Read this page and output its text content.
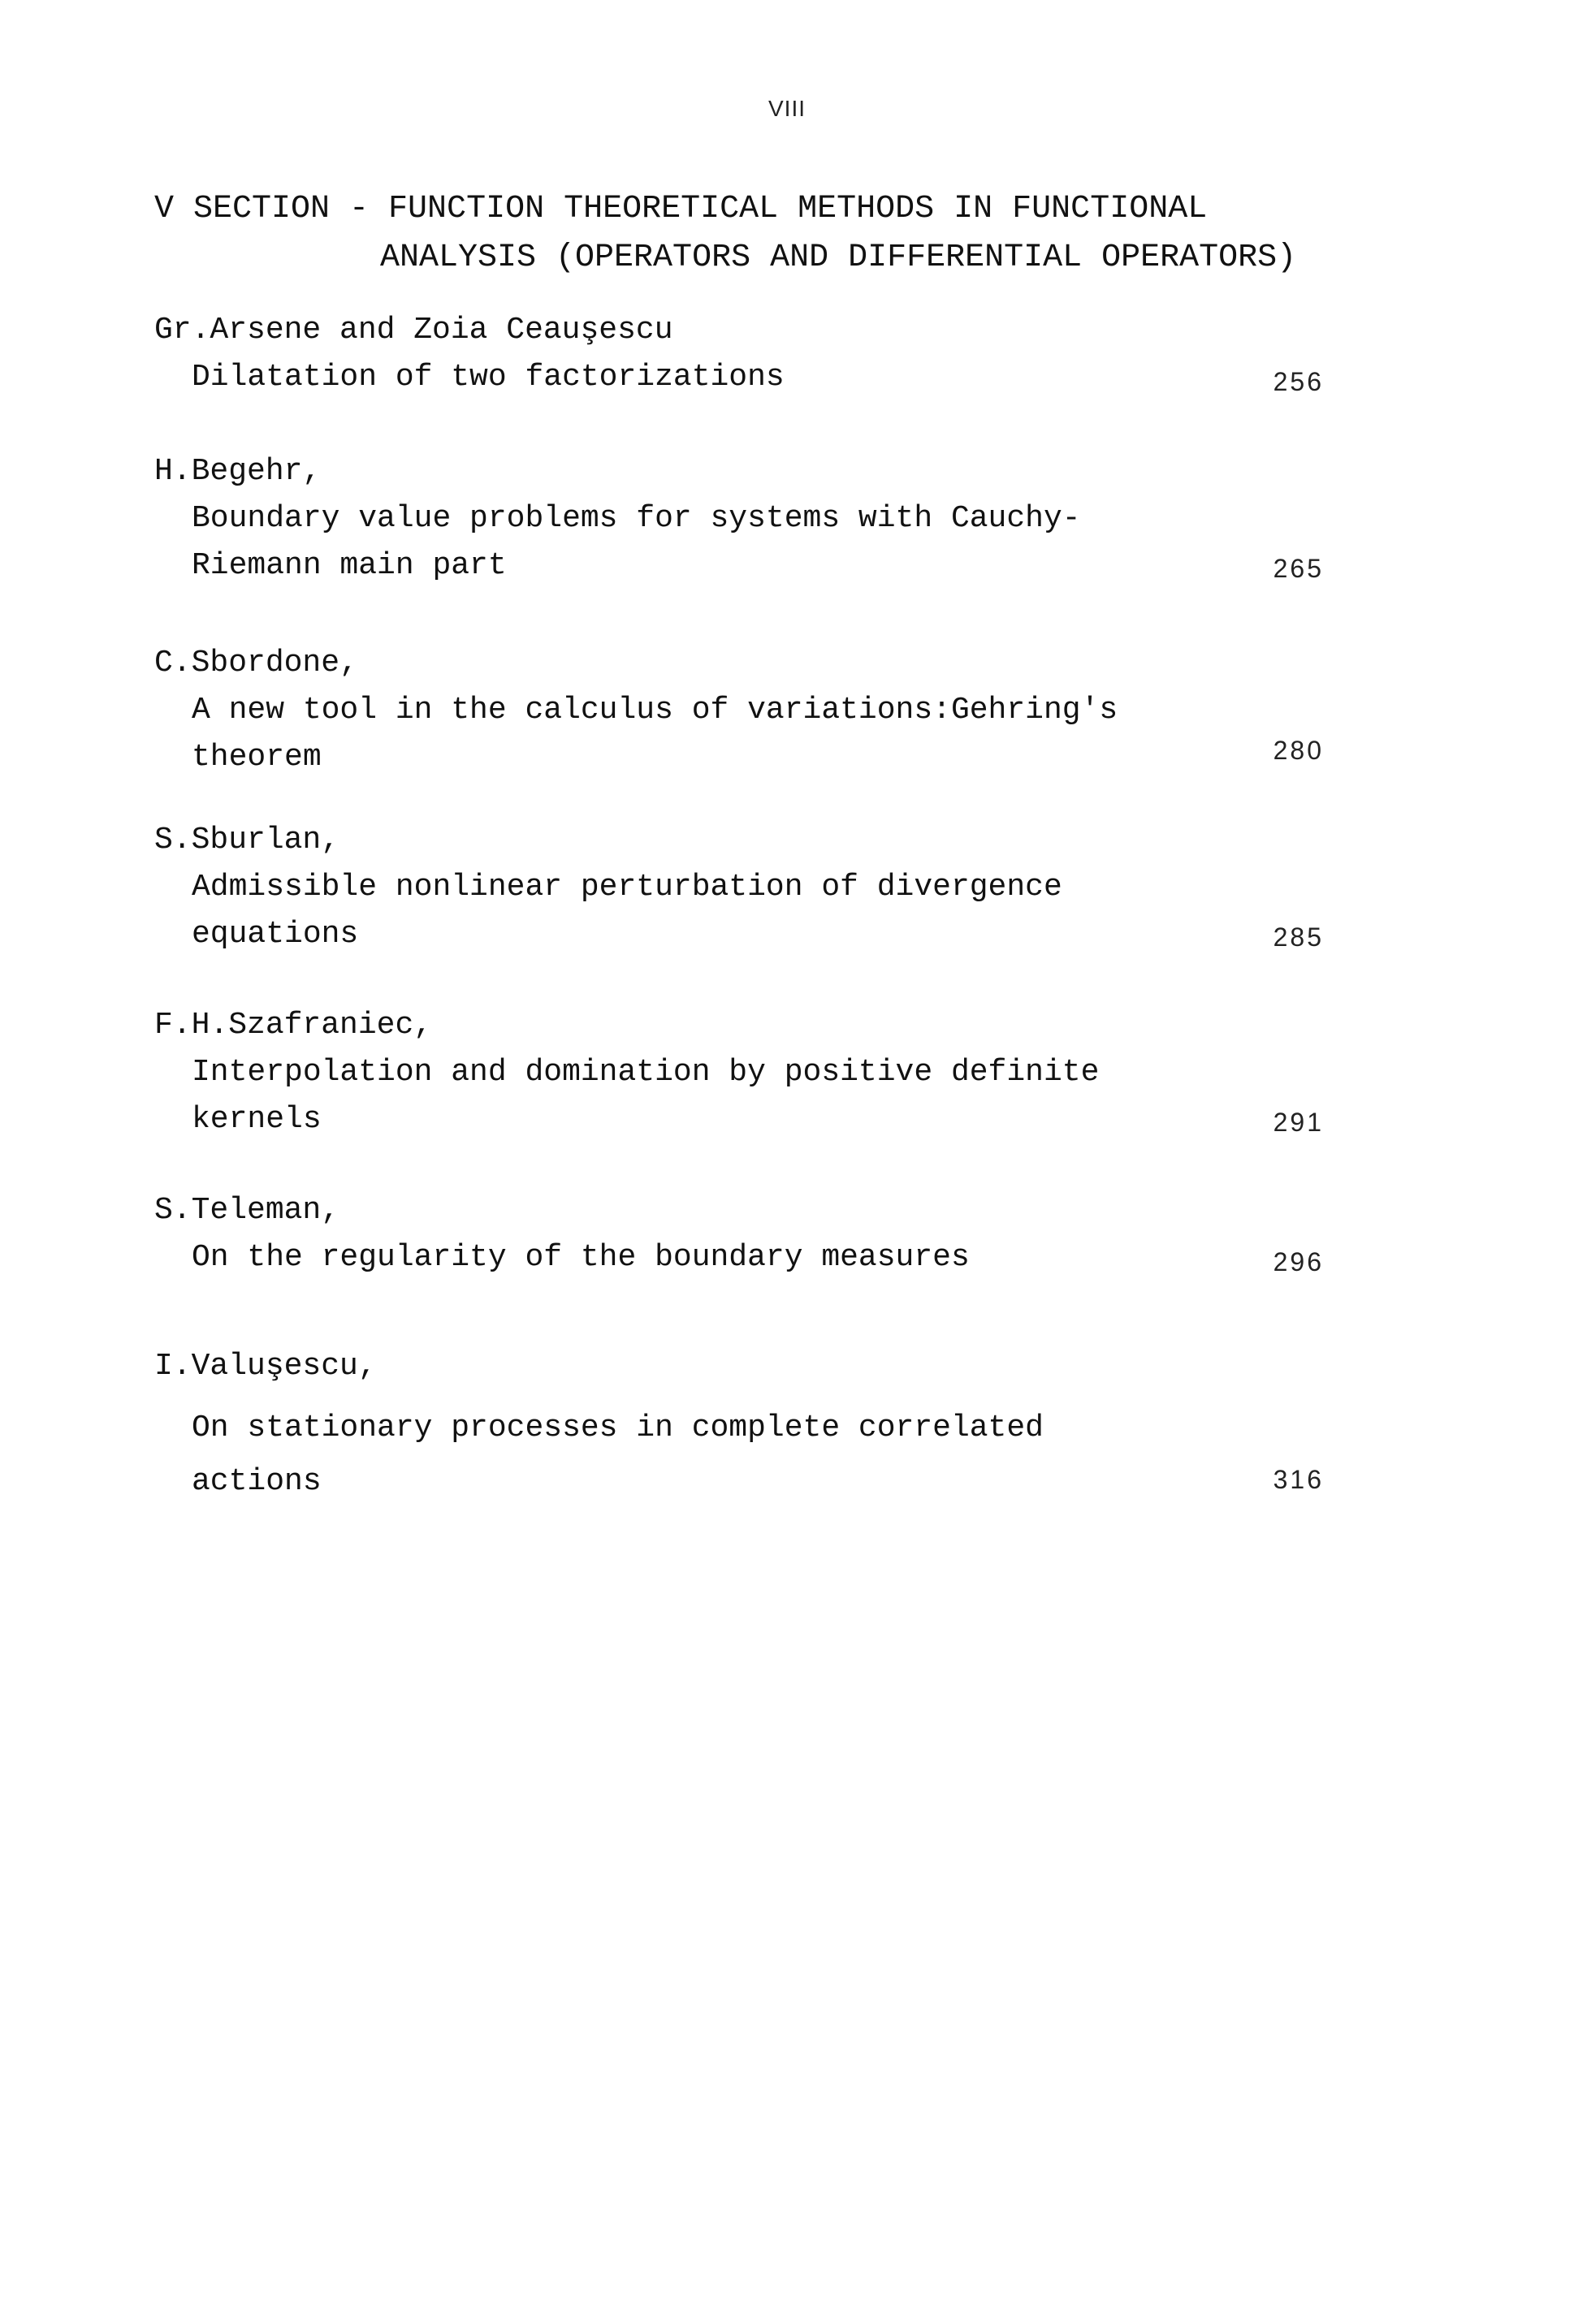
VIII
V SECTION - FUNCTION THEORETICAL METHODS IN FUNCTIONAL
ANALYSIS (OPERATORS AND DIFFERENTIAL OPERATORS)
Gr.Arsene and Zoia Ceauşescu
Dilatation of two factorizations	256
H.Begehr,
Boundary value problems for systems with Cauchy-
Riemann main part	265
C.Sbordone,
A new tool in the calculus of variations:Gehring's
theorem	280
S.Sburlan,
Admissible nonlinear perturbation of divergence
equations	285
F.H.Szafraniec,
Interpolation and domination by positive definite
kernels	291
S.Teleman,
On the regularity of the boundary measures	296
I.Valuşescu,
On stationary processes in complete correlated
actions	316
